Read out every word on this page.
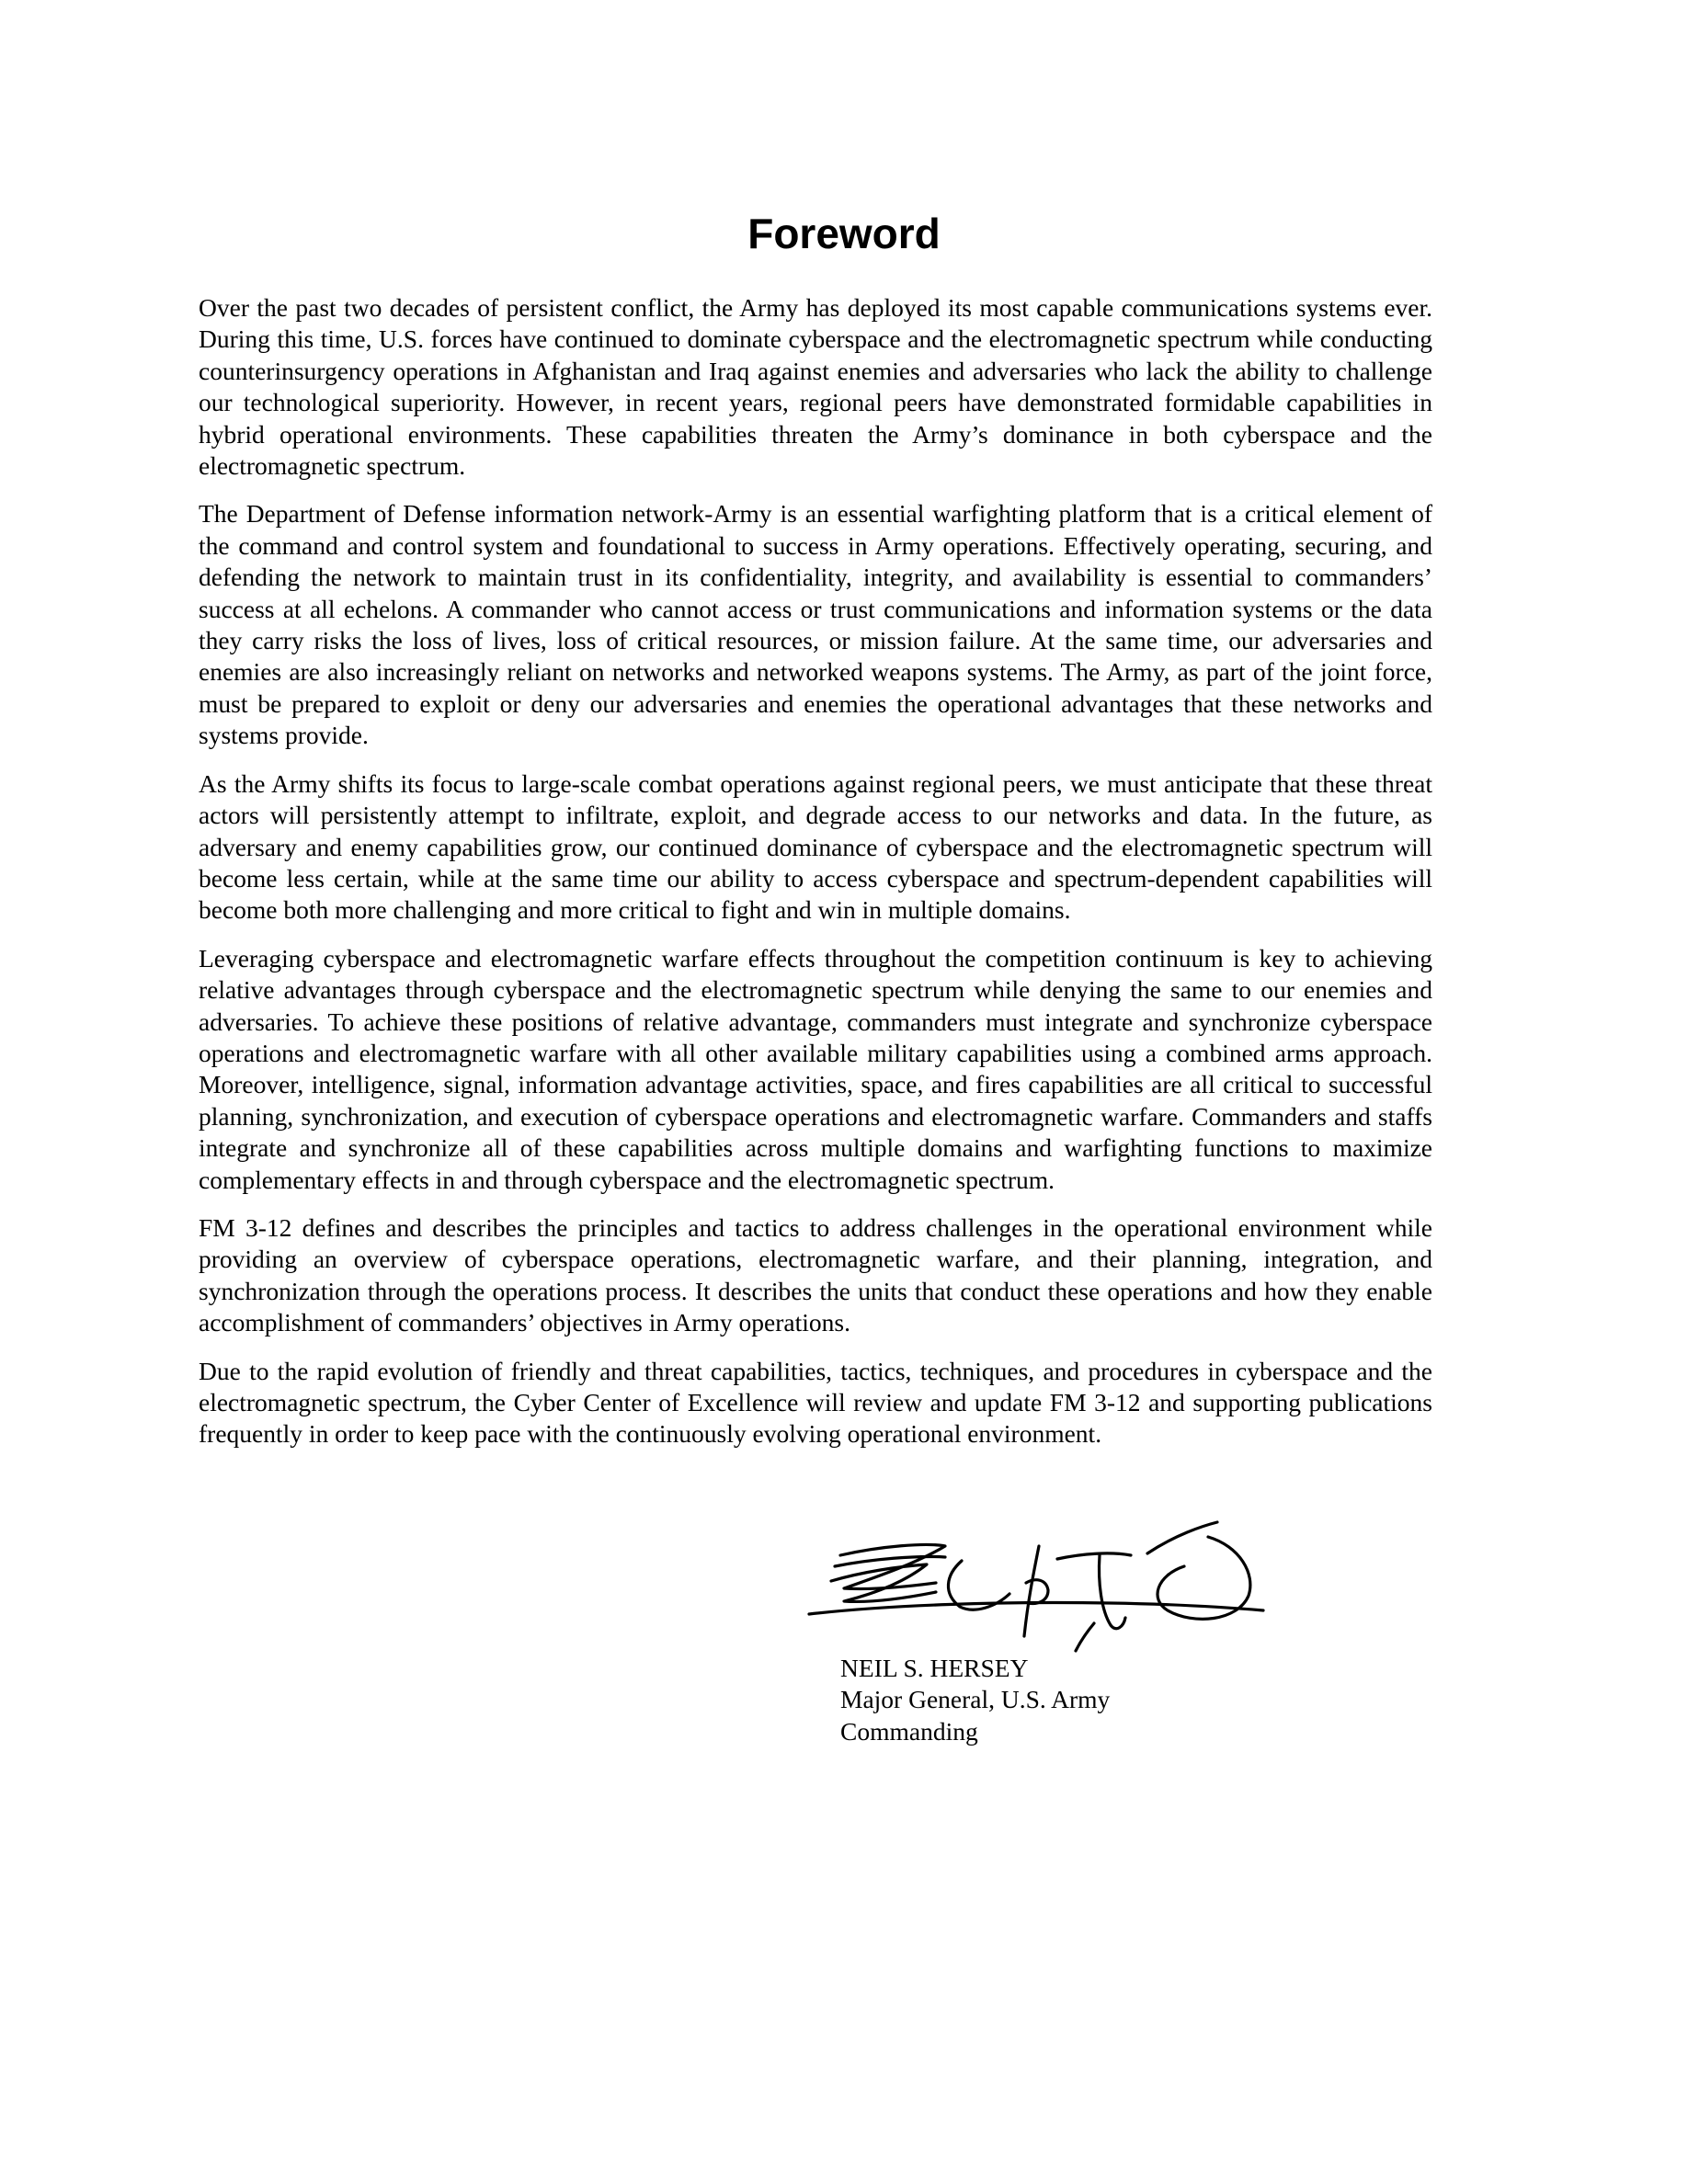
Foreword

Over the past two decades of persistent conflict, the Army has deployed its most capable communications systems ever. During this time, U.S. forces have continued to dominate cyberspace and the electromagnetic spectrum while conducting counterinsurgency operations in Afghanistan and Iraq against enemies and adversaries who lack the ability to challenge our technological superiority. However, in recent years, regional peers have demonstrated formidable capabilities in hybrid operational environments. These capabilities threaten the Army’s dominance in both cyberspace and the electromagnetic spectrum.

The Department of Defense information network-Army is an essential warfighting platform that is a critical element of the command and control system and foundational to success in Army operations. Effectively operating, securing, and defending the network to maintain trust in its confidentiality, integrity, and availability is essential to commanders’ success at all echelons. A commander who cannot access or trust communications and information systems or the data they carry risks the loss of lives, loss of critical resources, or mission failure. At the same time, our adversaries and enemies are also increasingly reliant on networks and networked weapons systems. The Army, as part of the joint force, must be prepared to exploit or deny our adversaries and enemies the operational advantages that these networks and systems provide.

As the Army shifts its focus to large-scale combat operations against regional peers, we must anticipate that these threat actors will persistently attempt to infiltrate, exploit, and degrade access to our networks and data. In the future, as adversary and enemy capabilities grow, our continued dominance of cyberspace and the electromagnetic spectrum will become less certain, while at the same time our ability to access cyberspace and spectrum-dependent capabilities will become both more challenging and more critical to fight and win in multiple domains.

Leveraging cyberspace and electromagnetic warfare effects throughout the competition continuum is key to achieving relative advantages through cyberspace and the electromagnetic spectrum while denying the same to our enemies and adversaries. To achieve these positions of relative advantage, commanders must integrate and synchronize cyberspace operations and electromagnetic warfare with all other available military capabilities using a combined arms approach. Moreover, intelligence, signal, information advantage activities, space, and fires capabilities are all critical to successful planning, synchronization, and execution of cyberspace operations and electromagnetic warfare. Commanders and staffs integrate and synchronize all of these capabilities across multiple domains and warfighting functions to maximize complementary effects in and through cyberspace and the electromagnetic spectrum.

FM 3-12 defines and describes the principles and tactics to address challenges in the operational environment while providing an overview of cyberspace operations, electromagnetic warfare, and their planning, integration, and synchronization through the operations process. It describes the units that conduct these operations and how they enable accomplishment of commanders’ objectives in Army operations.

Due to the rapid evolution of friendly and threat capabilities, tactics, techniques, and procedures in cyberspace and the electromagnetic spectrum, the Cyber Center of Excellence will review and update FM 3-12 and supporting publications frequently in order to keep pace with the continuously evolving operational environment.

NEIL S. HERSEY
Major General, U.S. Army
Commanding
